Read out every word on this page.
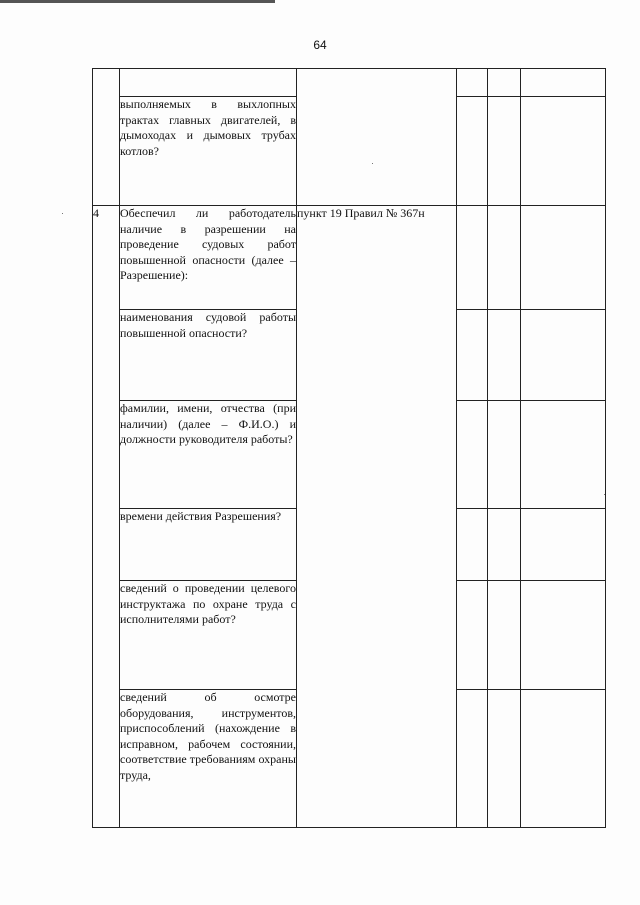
64

	выполняемых в выхлопных трактах главных двигателей, в дымоходах и дымовых трубах котлов?				
4	Обеспечил ли работодатель наличие в разрешении на проведение судовых работ повышенной опасности (далее – Разрешение):	пункт 19 Правил № 367н			
	наименования судовой работы повышенной опасности?				
	фамилии, имени, отчества (при наличии) (далее – Ф.И.О.) и должности руководителя работы?				
	времени действия Разрешения?				
	сведений о проведении целевого инструктажа по охране труда с исполнителями работ?				
	сведений об осмотре оборудования, инструментов, приспособлений (нахождение в исправном, рабочем состоянии, соответствие требованиям охраны труда,				
